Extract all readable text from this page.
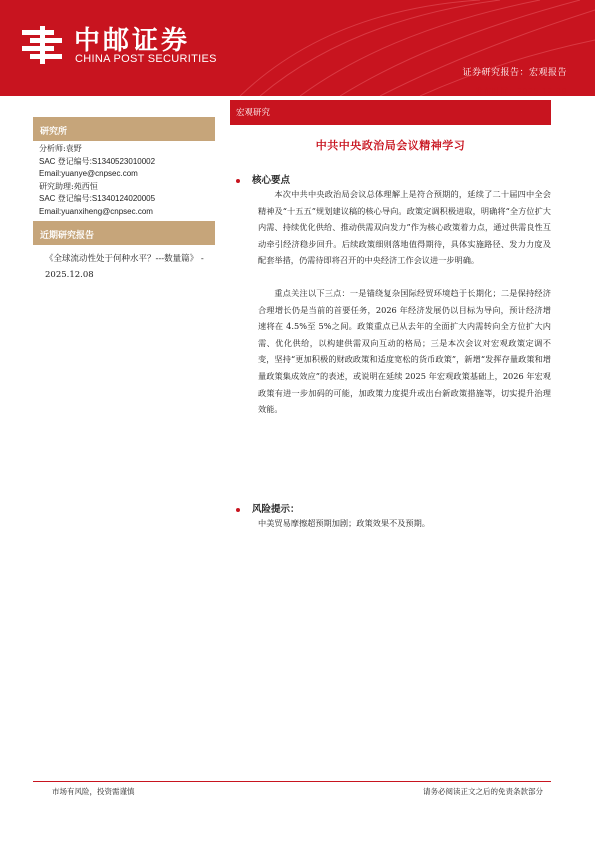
中邮证券
CHINA POST SECURITIES
证券研究报告：宏观报告
发布时间：2025-12-09
研究所
分析师:袁野
SAC 登记编号:S1340523010002
Email:yuanye@cnpsec.com
研究助理:苑西恒
SAC 登记编号:S1340124020005
Email:yuanxiheng@cnpsec.com
近期研究报告
《全球流动性处于何种水平？---数量篇》 - 2025.12.08
宏观研究
中共中央政治局会议精神学习
核心要点
本次中共中央政治局会议总体理解上是符合预期的，延续了二十届四中全会精神及“十五五”规划建议稿的核心导向。政策定调积极进取，明确将“全方位扩大内需、持续优化供给、推动供需双向发力”作为核心政策着力点，通过供需良性互动牵引经济稳步回升。后续政策细则落地值得期待，具体实施路径、发力力度及配套举措，仍需待即将召开的中央经济工作会议进一步明确。
重点关注以下三点：一是锚绕复杂国际经贸环境趋于长期化；二是保持经济合理增长仍是当前的首要任务，2026 年经济发展仍以目标为导向，预计经济增速将在 4.5%至 5%之间。政策重点已从去年的全面扩大内需转向全方位扩大内需、优化供给，以构建供需双向互动的格局；三是本次会议对宏观政策定调不变，坚持“更加积极的财政政策和适度宽松的货币政策”，新增“发挥存量政策和增量政策集成效应”的表述，或说明在延续 2025 年宏观政策基础上，2026 年宏观政策有进一步加码的可能，加政策力度提升或出台新政策措施等，切实提升治理效能。
风险提示：
中美贸易摩擦超预期加剧；政策效果不及预期。
市场有风险，投资需谨慎	请务必阅读正文之后的免责条款部分
